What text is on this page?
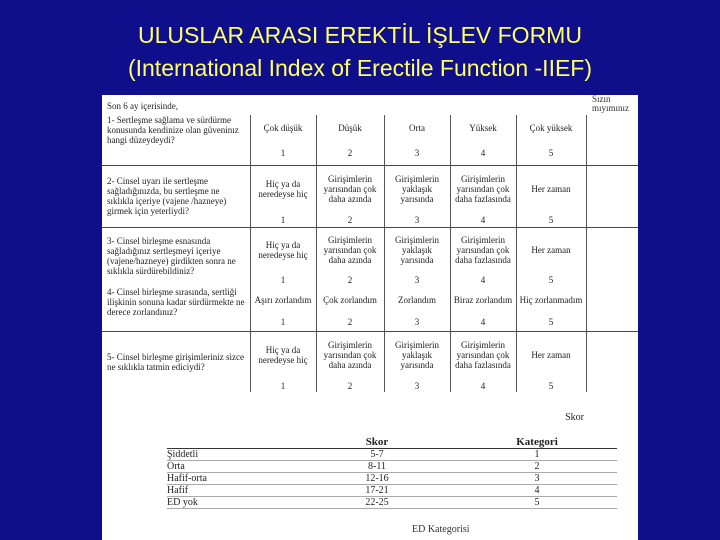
ULUSLAR ARASI EREKTİL İŞLEV FORMU
(International Index of Erectile Function -IIEF)
Sızın mıyımınız
Son 6 ay içerisinde,						
1- Sertleşme sağlama ve sürdürme konusunda kendinize olan güveninız hangi düzeydeydi?	Çok düşük	Düşük	Orta	Yüksek	Çok yüksek	
	1	2	3	4	5	
2- Cinsel uyarı ile sertleşme sağladığınızda, bu sertleşme ne sıklıkla içeriye (vajene /hazneye) girmek için yeterliydi?	Hiç ya da neredeyse hiç	Girişimlerin yarısından çok daha azında	Girişimlerin yaklaşık yarısında	Girişimlerin yarısından çok daha fazlasında	Her zaman	
	1	2	3	4	5	
3- Cinsel birleşme esnasında sağladığınız sertleşmeyi içeriye (vajene/hazneye) girdikten sonra ne sıklıkla sürdürebildiniz?	Hiç ya da neredeyse hiç	Girişimlerin yarısından çok daha azında	Girişimlerin yaklaşık yarısında	Girişimlerin yarısından çok daha fazlasında	Her zaman	
	1	2	3	4	5	
4- Cinsel birleşme sırasında, sertliği ilişkinin sonuna kadar sürdürmekte ne derece zorlandınız?	Aşırı zorlandım	Çok zorlandım	Zorlandım	Biraz zorlandım	Hiç zorlanmadım	
	1	2	3	4	5	
5- Cinsel birleşme girişimleriniz sizce ne sıklıkla tatmin ediciydi?	Hiç ya da neredeyse hiç	Girişimlerin yarısından çok daha azında	Girişimlerin yaklaşık yarısında	Girişimlerin yarısından çok daha fazlasında	Her zaman	
	1	2	3	4	5	
Skor
	Skor	Kategori
Şiddetli	5-7	1
Orta	8-11	2
Hafif-orta	12-16	3
Hafif	17-21	4
ED yok	22-25	5
ED Kategorisi
